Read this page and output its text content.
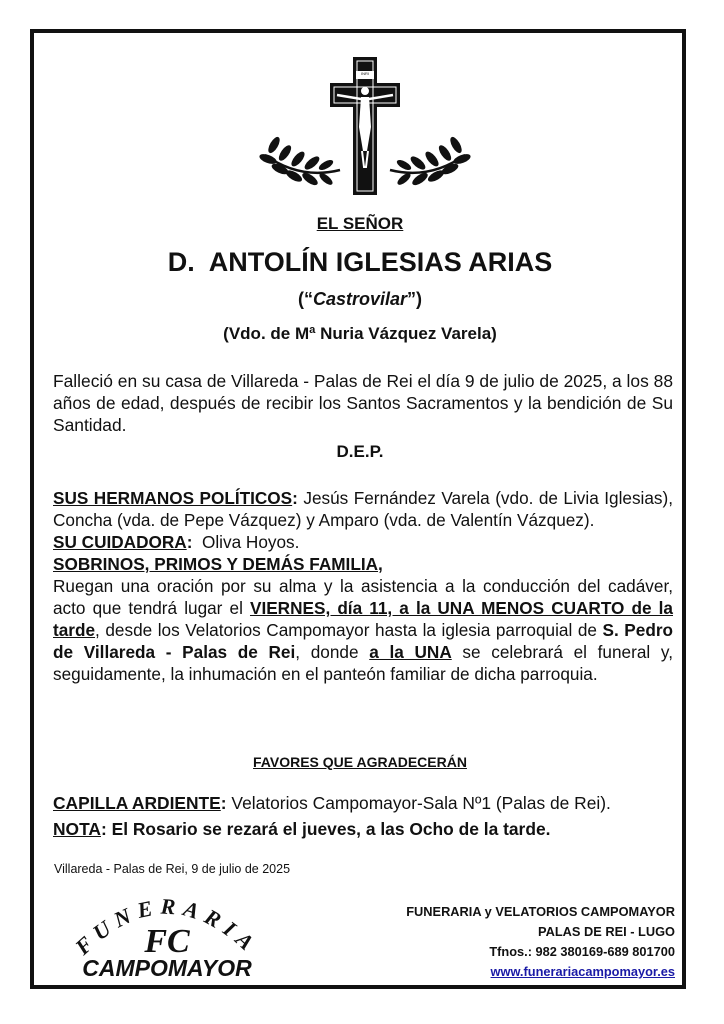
INRI
EL SEÑOR
D.  ANTOLÍN IGLESIAS ARIAS
(“Castrovilar”)
(Vdo. de Mª Nuria Vázquez Varela)
Falleció en su casa de Villareda - Palas de Rei el día 9 de julio de 2025, a los 88 años de edad, después de recibir los Santos Sacramentos y la bendición de Su Santidad.
D.E.P.

SUS HERMANOS POLÍTICOS: Jesús Fernández Varela (vdo. de Livia Iglesias), Concha (vda. de Pepe Vázquez) y Amparo (vda. de Valentín Vázquez).

SU CUIDADORA:  Oliva Hoyos.

SOBRINOS, PRIMOS Y DEMÁS FAMILIA,

Ruegan una oración por su alma y la asistencia a la conducción del cadáver, acto que tendrá lugar el VIERNES, día 11, a la UNA MENOS CUARTO de la tarde, desde los Velatorios Campomayor hasta la iglesia parroquial de S. Pedro de Villareda - Palas de Rei, donde a la UNA se celebrará el funeral y, seguidamente, la inhumación en el panteón familiar de dicha parroquia.

FAVORES QUE AGRADECERÁN
CAPILLA ARDIENTE: Velatorios Campomayor-Sala Nº1 (Palas de Rei).
NOTA: El Rosario se rezará el jueves, a las Ocho de la tarde.
Villareda - Palas de Rei, 9 de julio de 2025
FUNERARIA
FC
CAMPOMAYOR
FUNERARIA y VELATORIOS CAMPOMAYOR
PALAS DE REI - LUGO
Tfnos.: 982 380169-689 801700
www.funerariacampomayor.es
